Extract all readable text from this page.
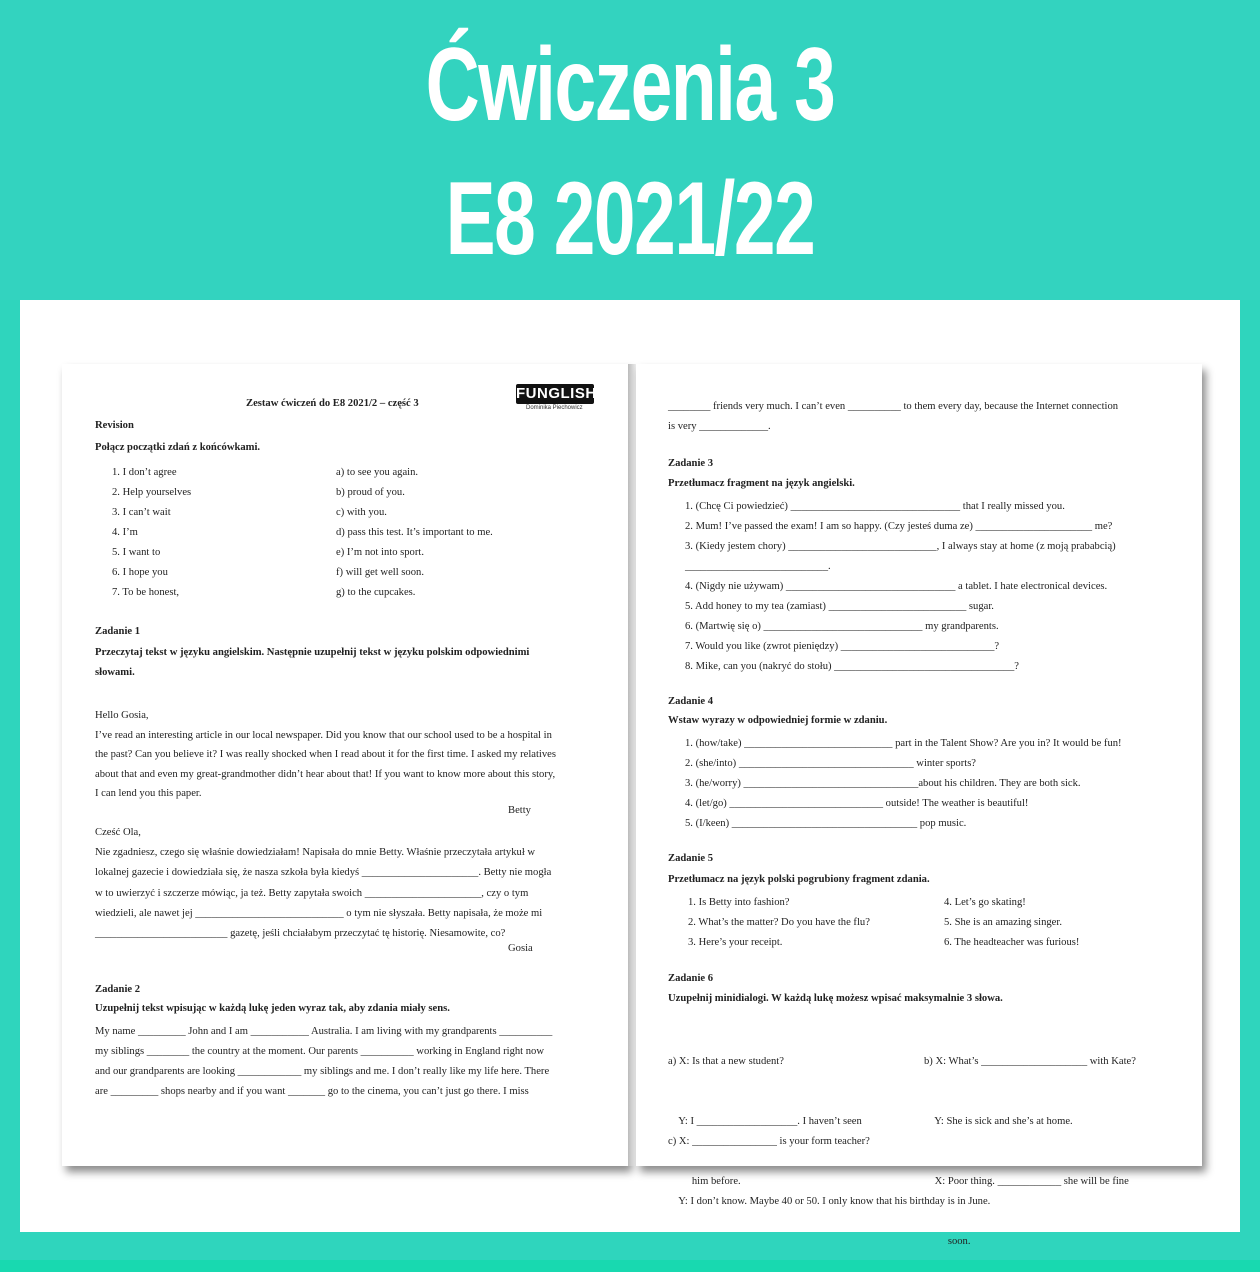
Ćwiczenia 3
E8 2021/22
FUNGLISH
Dominika Piechowicz
Zestaw ćwiczeń do E8 2021/2 – część 3
Revision
Połącz początki zdań z końcówkami.
1. I don’t agree
2. Help yourselves
3. I can’t wait
4. I’m
5. I want to
6. I hope you
7. To be honest,
a) to see you again.
b) proud of you.
c) with you.
d) pass this test. It’s important to me.
e) I’m not into sport.
f) will get well soon.
g) to the cupcakes.
Zadanie 1
Przeczytaj tekst w języku angielskim. Następnie uzupełnij tekst w języku polskim odpowiednimi
słowami.
Hello Gosia,
I’ve read an interesting article in our local newspaper. Did you know that our school used to be a hospital in
the past? Can you believe it? I was really shocked when I read about it for the first time. I asked my relatives
about that and even my great-grandmother didn’t hear about that! If you want to know more about this story,
I can lend you this paper.
Betty
Cześć Ola,
Nie zgadniesz, czego się właśnie dowiedziałam! Napisała do mnie Betty. Właśnie przeczytała artykuł w
lokalnej gazecie i dowiedziała się, że nasza szkoła była kiedyś ______________________. Betty nie mogła
w to uwierzyć i szczerze mówiąc, ja też. Betty zapytała swoich ______________________, czy o tym
wiedzieli, ale nawet jej ____________________________ o tym nie słyszała. Betty napisała, że może mi
_________________________ gazetę, jeśli chciałabym przeczytać tę historię. Niesamowite, co?
Gosia
Zadanie 2
Uzupełnij tekst wpisując w każdą lukę jeden wyraz tak, aby zdania miały sens.
My name _________ John and I am ___________ Australia. I am living with my grandparents __________
my siblings ________ the country at the moment. Our parents __________ working in England right now
and our grandparents are looking ____________ my siblings and me. I don’t really like my life here. There
are _________ shops nearby and if you want _______ go to the cinema, you can’t just go there. I miss
________ friends very much. I can’t even __________ to them every day, because the Internet connection
is very _____________.
Zadanie 3
Przetłumacz fragment na język angielski.
1. (Chcę Ci powiedzieć) ________________________________ that I really missed you.
2. Mum! I’ve passed the exam! I am so happy. (Czy jesteś duma ze) ______________________ me?
3. (Kiedy jestem chory) ____________________________, I always stay at home (z moją prababcią)
___________________________.
4. (Nigdy nie używam) ________________________________ a tablet. I hate electronical devices.
5. Add honey to my tea (zamiast) __________________________ sugar.
6. (Martwię się o) ______________________________ my grandparents.
7. Would you like (zwrot pieniędzy) _____________________________?
8. Mike, can you (nakryć do stołu) __________________________________?
Zadanie 4
Wstaw wyrazy w odpowiedniej formie w zdaniu.
1. (how/take) ____________________________ part in the Talent Show? Are you in? It would be fun!
2. (she/into) _________________________________ winter sports?
3. (he/worry) _________________________________about his children. They are both sick.
4. (let/go) _____________________________ outside! The weather is beautiful!
5. (I/keen) ___________________________________ pop music.
Zadanie 5
Przetłumacz na język polski pogrubiony fragment zdania.
1. Is Betty into fashion?
2. What’s the matter? Do you have the flu?
3. Here’s your receipt.
4. Let’s go skating!
5. She is an amazing singer.
6. The headteacher was furious!
Zadanie 6
Uzupełnij minidialogi. W każdą lukę możesz wpisać maksymalnie 3 słowa.

a) X: Is that a new student?

Y: I ___________________. I haven’t seen

him before.

b) X: What’s ____________________ with Kate?

Y: She is sick and she’s at home.

X: Poor thing. ____________ she will be fine

soon.

c) X: ________________ is your form teacher?

Y: I don’t know. Maybe 40 or 50. I only know that his birthday is in June.
